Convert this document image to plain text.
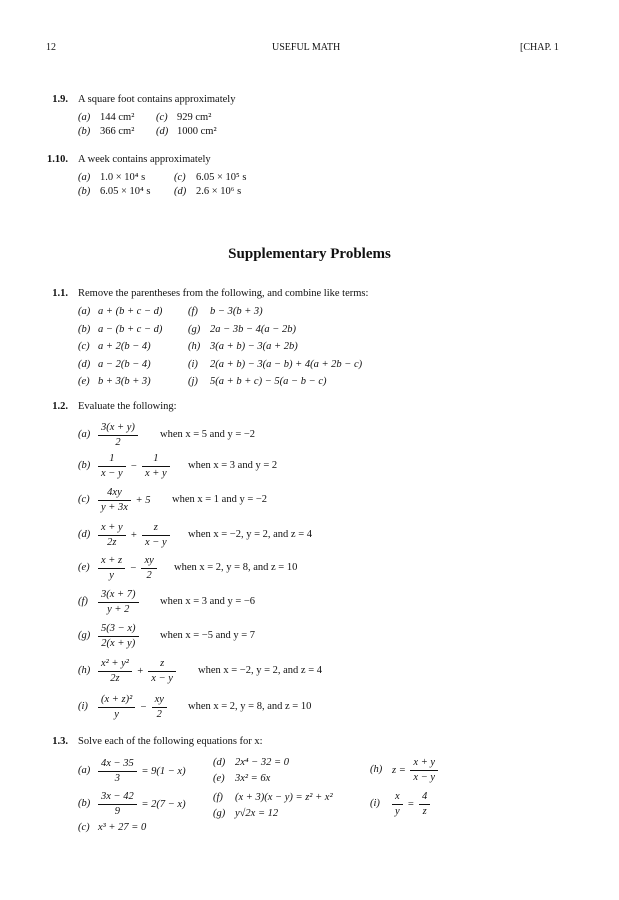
12	USEFUL MATH	[CHAP. 1
1.9. A square foot contains approximately
(a) 144 cm² (c) 929 cm²
(b) 366 cm² (d) 1000 cm²
1.10. A week contains approximately
(a) 1.0 × 10⁴ s	(c) 6.05 × 10⁵ s
(b) 6.05 × 10⁴ s (d) 2.6 × 10⁶ s
Supplementary Problems
1.1. Remove the parentheses from the following, and combine like terms:
(a) a + (b + c − d) (f) b − 3(b + 3)
(b) a − (b + c − d) (g) 2a − 3b − 4(a − 2b)
(c) a + 2(b − 4)	(h) 3(a + b) − 3(a + 2b)
(d) a − 2(b − 4)	(i) 2(a + b) − 3(a − b) + 4(a + 2b − c)
(e) b + 3(b + 3)	(j) 5(a + b + c) − 5(a − b − c)
1.2. Evaluate the following:
$(a) \frac{3(x + y)}{2}$ when x = 5 and y = −2
$(b) \frac{1}{x - y} - \frac{1}{x + y}$ when x = 3 and y = 2
$(c) \frac{4xy}{y + 3x} + 5$ when x = 1 and y = −2
$(d) \frac{x + y}{2z} + \frac{z}{x - y}$ when x = −2, y = 2, and z = 4
$(e) \frac{x + z}{y} - \frac{xy}{2}$ when x = 2, y = 8, and z = 10
$(f) \frac{3(x + 7)}{y + 2}$ when x = 3 and y = −6
$(g) \frac{5(3 - x)}{2(x + y)}$ when x = −5 and y = 7
$(h) \frac{\text{x² + y²}}{2z} + \frac{z}{x - y}$ when x = −2, y = 2, and z = 4
$(i) \frac{\text{(x + z)²}}{y} - \frac{xy}{2}$ when x = 2, y = 8, and z = 10
1.3. Solve each of the following equations for x:
$(a) \frac{4x - 35}{3} = 9(1 - x)$
$(b) \frac{3x - 42}{9} = 2(7 - x)$
(c) x³ + 27 = 0
(d) 2x⁴ − 32 = 0
(e) 3x² = 6x
(f) (x + 3)(x − y) = z² + x²
(g) y√2x = 12
(h) $z = \frac{x + y}{x - y}$
$(i) \frac{x}{y} = \frac{4}{z}$
